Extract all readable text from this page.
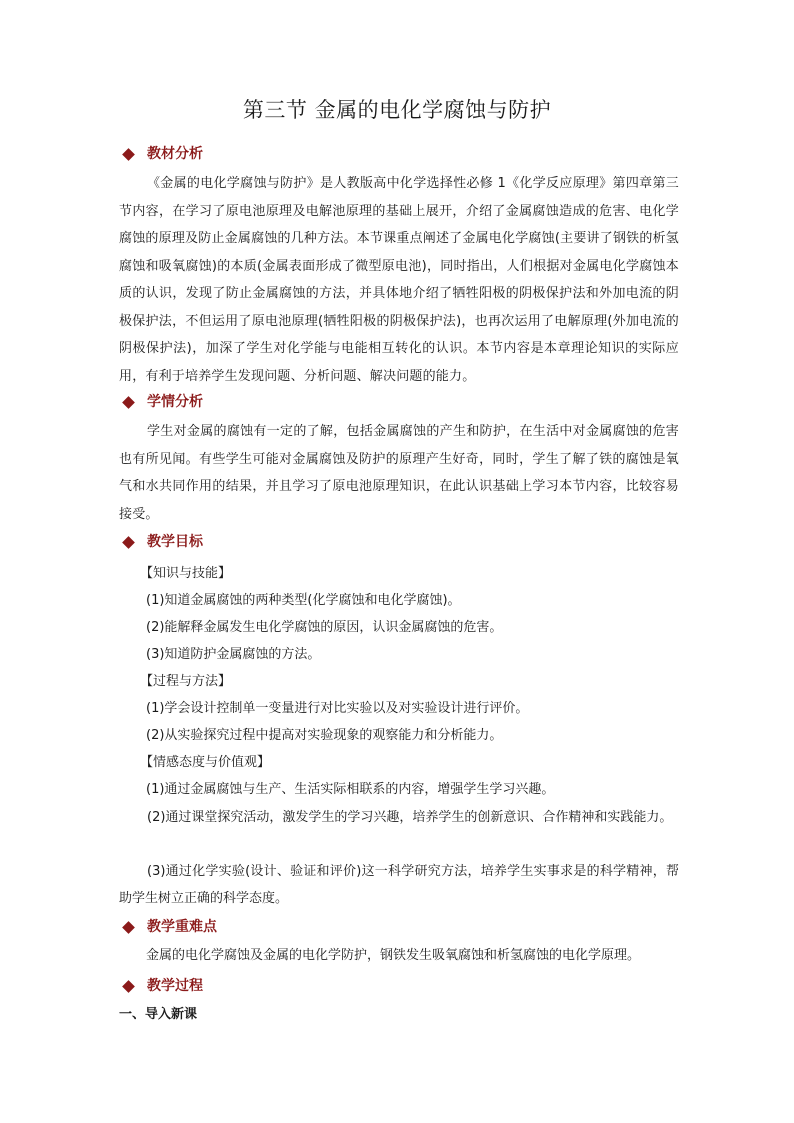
第三节 金属的电化学腐蚀与防护
教材分析
《金属的电化学腐蚀与防护》是人教版高中化学选择性必修 1《化学反应原理》第四章第三节内容，在学习了原电池原理及电解池原理的基础上展开，介绍了金属腐蚀造成的危害、电化学腐蚀的原理及防止金属腐蚀的几种方法。本节课重点阐述了金属电化学腐蚀(主要讲了钢铁的析氢腐蚀和吸氧腐蚀)的本质(金属表面形成了微型原电池)，同时指出，人们根据对金属电化学腐蚀本质的认识，发现了防止金属腐蚀的方法，并具体地介绍了牺牲阳极的阴极保护法和外加电流的阴极保护法，不但运用了原电池原理(牺牲阳极的阴极保护法)，也再次运用了电解原理(外加电流的阴极保护法)，加深了学生对化学能与电能相互转化的认识。本节内容是本章理论知识的实际应用，有利于培养学生发现问题、分析问题、解决问题的能力。
学情分析
学生对金属的腐蚀有一定的了解，包括金属腐蚀的产生和防护，在生活中对金属腐蚀的危害也有所见闻。有些学生可能对金属腐蚀及防护的原理产生好奇，同时，学生了解了铁的腐蚀是氧气和水共同作用的结果，并且学习了原电池原理知识，在此认识基础上学习本节内容，比较容易接受。
教学目标
【知识与技能】
(1)知道金属腐蚀的两种类型(化学腐蚀和电化学腐蚀)。
(2)能解释金属发生电化学腐蚀的原因，认识金属腐蚀的危害。
(3)知道防护金属腐蚀的方法。
【过程与方法】
(1)学会设计控制单一变量进行对比实验以及对实验设计进行评价。
(2)从实验探究过程中提高对实验现象的观察能力和分析能力。
【情感态度与价值观】
(1)通过金属腐蚀与生产、生活实际相联系的内容，增强学生学习兴趣。
(2)通过课堂探究活动，激发学生的学习兴趣，培养学生的创新意识、合作精神和实践能力。
(3)通过化学实验(设计、验证和评价)这一科学研究方法，培养学生实事求是的科学精神，帮助学生树立正确的科学态度。
教学重难点
金属的电化学腐蚀及金属的电化学防护，钢铁发生吸氧腐蚀和析氢腐蚀的电化学原理。
教学过程
一、导入新课
